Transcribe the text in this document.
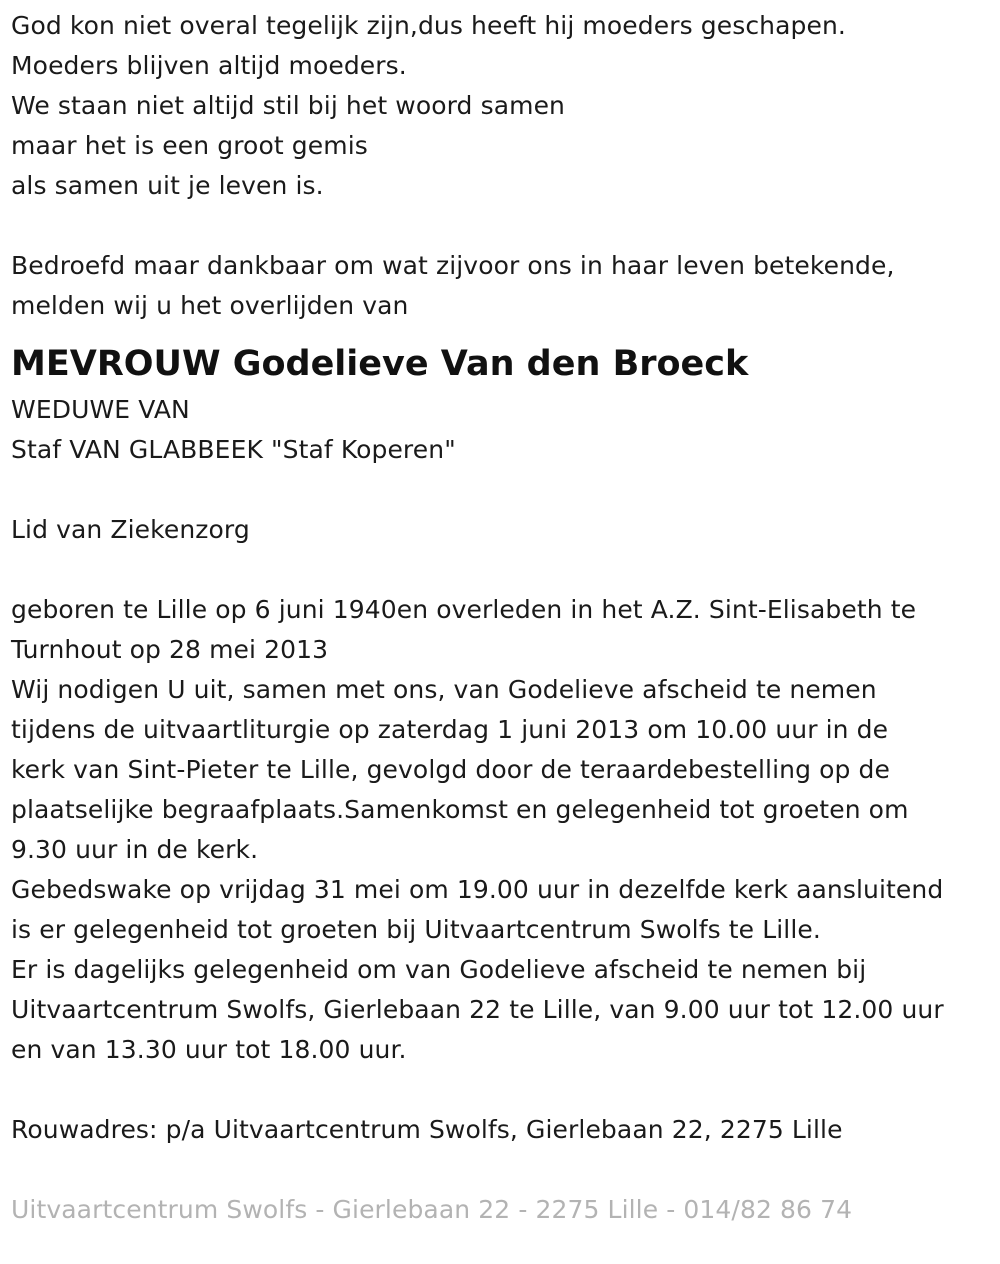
God kon niet overal tegelijk zijn,dus heeft hij moeders geschapen.
Moeders blijven altijd moeders.
We staan niet altijd stil bij het woord samen
maar het is een groot gemis
als samen uit je leven is.
Bedroefd maar dankbaar om wat zijvoor ons in haar leven betekende,
melden wij u het overlijden van
MEVROUW Godelieve Van den Broeck
WEDUWE VAN
Staf VAN GLABBEEK "Staf Koperen"
Lid van Ziekenzorg
geboren te Lille op 6 juni 1940en overleden in het A.Z. Sint-Elisabeth te
Turnhout op 28 mei 2013
Wij nodigen U uit, samen met ons, van Godelieve afscheid te nemen
tijdens de uitvaartliturgie op zaterdag 1 juni 2013 om 10.00 uur in de
kerk van Sint-Pieter te Lille, gevolgd door de teraardebestelling op de
plaatselijke begraafplaats.Samenkomst en gelegenheid tot groeten om
9.30 uur in de kerk.
Gebedswake op vrijdag 31 mei om 19.00 uur in dezelfde kerk aansluitend
is er gelegenheid tot groeten bij Uitvaartcentrum Swolfs te Lille.
Er is dagelijks gelegenheid om van Godelieve afscheid te nemen bij
Uitvaartcentrum Swolfs, Gierlebaan 22 te Lille, van 9.00 uur tot 12.00 uur
en van 13.30 uur tot 18.00 uur.
Rouwadres: p/a Uitvaartcentrum Swolfs, Gierlebaan 22, 2275 Lille
Uitvaartcentrum Swolfs - Gierlebaan 22 - 2275 Lille - 014/82 86 74
